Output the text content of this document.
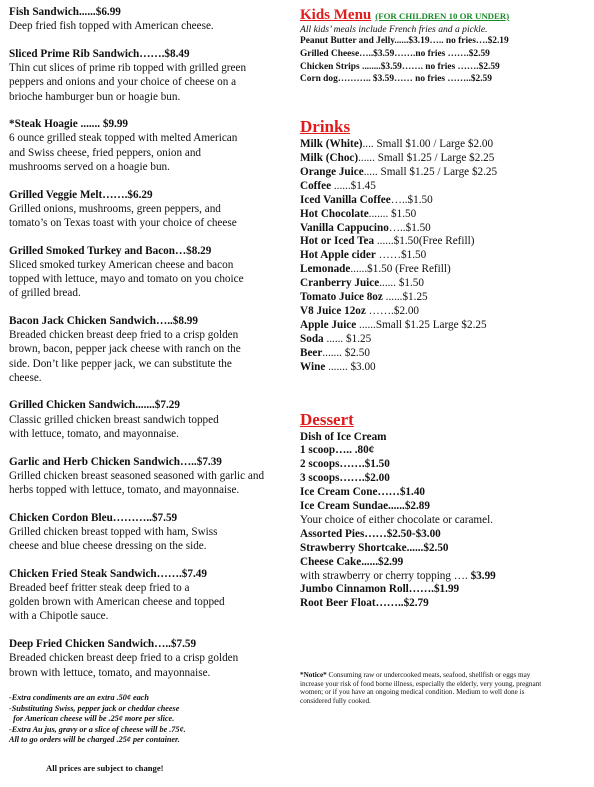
Fish Sandwich......$6.99
Deep fried fish topped with American cheese.
Sliced Prime Rib Sandwich…….$8.49
Thin cut slices of prime rib topped with grilled green
peppers and onions and your choice of cheese on a
brioche hamburger bun or hoagie bun.
*Steak Hoagie ....... $9.99
6 ounce grilled steak topped with melted American
and Swiss cheese, fried peppers, onion and
mushrooms served on a hoagie bun.
Grilled Veggie Melt…….$6.29
Grilled onions, mushrooms, green peppers, and
tomato’s on Texas toast with your choice of cheese
Grilled Smoked Turkey and Bacon…$8.29
Sliced smoked turkey American cheese and bacon
topped with lettuce, mayo and tomato on you choice
of grilled bread.
Bacon Jack Chicken Sandwich…..$8.99
Breaded chicken breast deep fried to a crisp golden
brown, bacon, pepper jack cheese with ranch on the
side. Don’t like pepper jack, we can substitute the
cheese.
Grilled Chicken Sandwich.......$7.29
Classic grilled chicken breast sandwich topped
with lettuce, tomato, and mayonnaise.
Garlic and Herb Chicken Sandwich…..$7.39
Grilled chicken breast seasoned seasoned with garlic and
herbs topped with lettuce, tomato, and mayonnaise.
Chicken Cordon Bleu………..$7.59
Grilled chicken breast topped with ham, Swiss
cheese and blue cheese dressing on the side.
Chicken Fried Steak Sandwich…….$7.49
Breaded beef fritter steak deep fried to a
golden brown with American cheese and topped
with a Chipotle sauce.
Deep Fried Chicken Sandwich…..$7.59
Breaded chicken breast deep fried to a crisp golden
brown with lettuce, tomato, and mayonnaise.
-Extra condiments are an extra .50¢ each
-Substituting Swiss, pepper jack or cheddar cheese
for American cheese will be .25¢ more per slice.
-Extra Au jus, gravy or a slice of cheese will be .75¢.
All to go orders will be charged .25¢ per container.
All prices are subject to change!
Kids Menu (FOR CHILDREN 10 OR UNDER)
All kids’ meals include French fries and a pickle.
Peanut Butter and Jelly......$3.19….. no fries….$2.19
Grilled Cheese…..$3.59…….no fries …….$2.59
Chicken Strips ........$3.59……. no fries …….$2.59
Corn dog……….. $3.59…… no fries ……..$2.59
Drinks
Milk (White).... Small $1.00 / Large $2.00
Milk (Choc)...... Small $1.25 / Large $2.25
Orange Juice..... Small $1.25 / Large $2.25
Coffee ......$1.45
Iced Vanilla Coffee…..$1.50
Hot Chocolate....... $1.50
Vanilla Cappucino…..$1.50
Hot or Iced Tea ......$1.50(Free Refill)
Hot Apple cider ……$1.50
Lemonade......$1.50 (Free Refill)
Cranberry Juice...... $1.50
Tomato Juice 8oz ......$1.25
V8 Juice 12oz …….$2.00
Apple Juice ......Small $1.25 Large $2.25
Soda ...... $1.25
Beer....... $2.50
Wine ....... $3.00
Dessert
Dish of Ice Cream
1 scoop….. .80¢
2 scoops…….$1.50
3 scoops…….$2.00
Ice Cream Cone……$1.40
Ice Cream Sundae......$2.89
Your choice of either chocolate or caramel.
Assorted Pies……$2.50-$3.00
Strawberry Shortcake......$2.50
Cheese Cake......$2.99
with strawberry or cherry topping …. $3.99
Jumbo Cinnamon Roll…….$1.99
Root Beer Float……..$2.79
*Notice* Consuming raw or undercooked meats, seafood, shellfish or eggs may increase your risk of food borne illness, especially the elderly, very young, pregnant women; or if you have an ongoing medical condition. Medium to well done is considered fully cooked.
